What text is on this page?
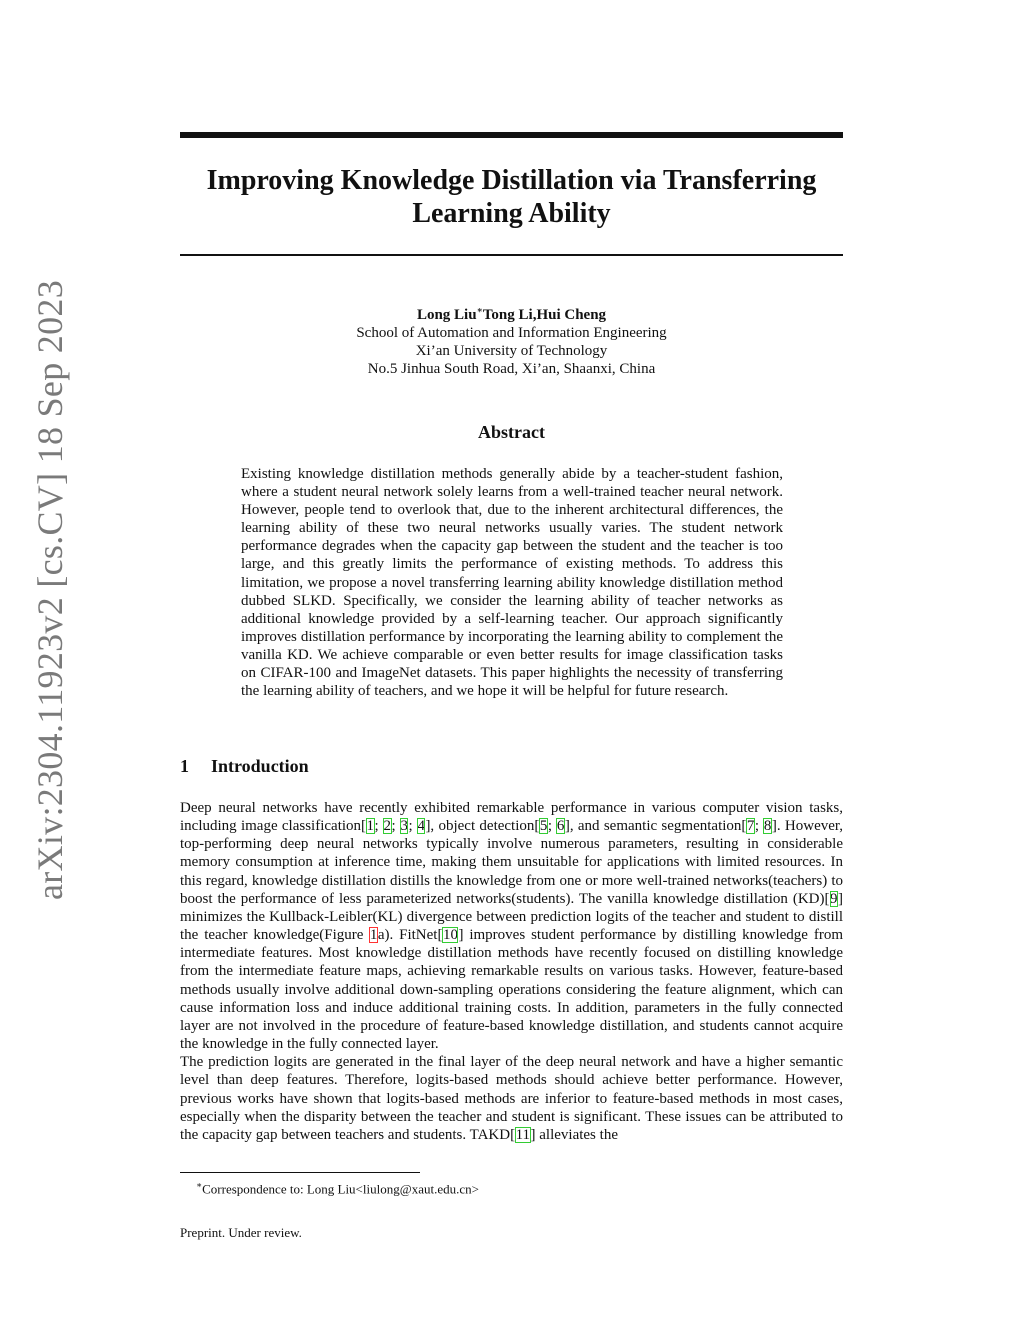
arXiv:2304.11923v2 [cs.CV] 18 Sep 2023
Improving Knowledge Distillation via Transferring
Learning Ability
Long Liu∗Tong Li,Hui Cheng
School of Automation and Information Engineering
Xi’an University of Technology
No.5 Jinhua South Road, Xi’an, Shaanxi, China
Abstract

Existing knowledge distillation methods generally abide by a teacher-student fashion, where a student neural network solely learns from a well-trained teacher neural network. However, people tend to overlook that, due to the inherent architectural differences, the learning ability of these two neural networks usually varies. The student network performance degrades when the capacity gap between the student and the teacher is too large, and this greatly limits the performance of existing methods. To address this limitation, we propose a novel transferring learning ability knowledge distillation method dubbed SLKD. Specifically, we consider the learning ability of teacher networks as additional knowledge provided by a self-learning teacher. Our approach significantly improves distillation performance by incorporating the learning ability to complement the vanilla KD. We achieve comparable or even better results for image classification tasks on CIFAR-100 and ImageNet datasets. This paper highlights the necessity of transferring the learning ability of teachers, and we hope it will be helpful for future research.

1 Introduction

Deep neural networks have recently exhibited remarkable performance in various computer vision tasks, including image classification[1; 2; 3; 4], object detection[5; 6], and semantic segmentation[7; 8]. However, top-performing deep neural networks typically involve numerous parameters, resulting in considerable memory consumption at inference time, making them unsuitable for applications with limited resources. In this regard, knowledge distillation distills the knowledge from one or more well-trained networks(teachers) to boost the performance of less parameterized networks(students). The vanilla knowledge distillation (KD)[9] minimizes the Kullback-Leibler(KL) divergence between prediction logits of the teacher and student to distill the teacher knowledge(Figure 1a). FitNet[10] improves student performance by distilling knowledge from intermediate features. Most knowledge distillation methods have recently focused on distilling knowledge from the intermediate feature maps, achieving remarkable results on various tasks. However, feature-based methods usually involve additional down-sampling operations considering the feature alignment, which can cause information loss and induce additional training costs. In addition, parameters in the fully connected layer are not involved in the procedure of feature-based knowledge distillation, and students cannot acquire the knowledge in the fully connected layer.

The prediction logits are generated in the final layer of the deep neural network and have a higher semantic level than deep features. Therefore, logits-based methods should achieve better performance. However, previous works have shown that logits-based methods are inferior to feature-based methods in most cases, especially when the disparity between the teacher and student is significant. These issues can be attributed to the capacity gap between teachers and students. TAKD[11] alleviates the

∗Correspondence to: Long Liu<liulong@xaut.edu.cn>
Preprint. Under review.
